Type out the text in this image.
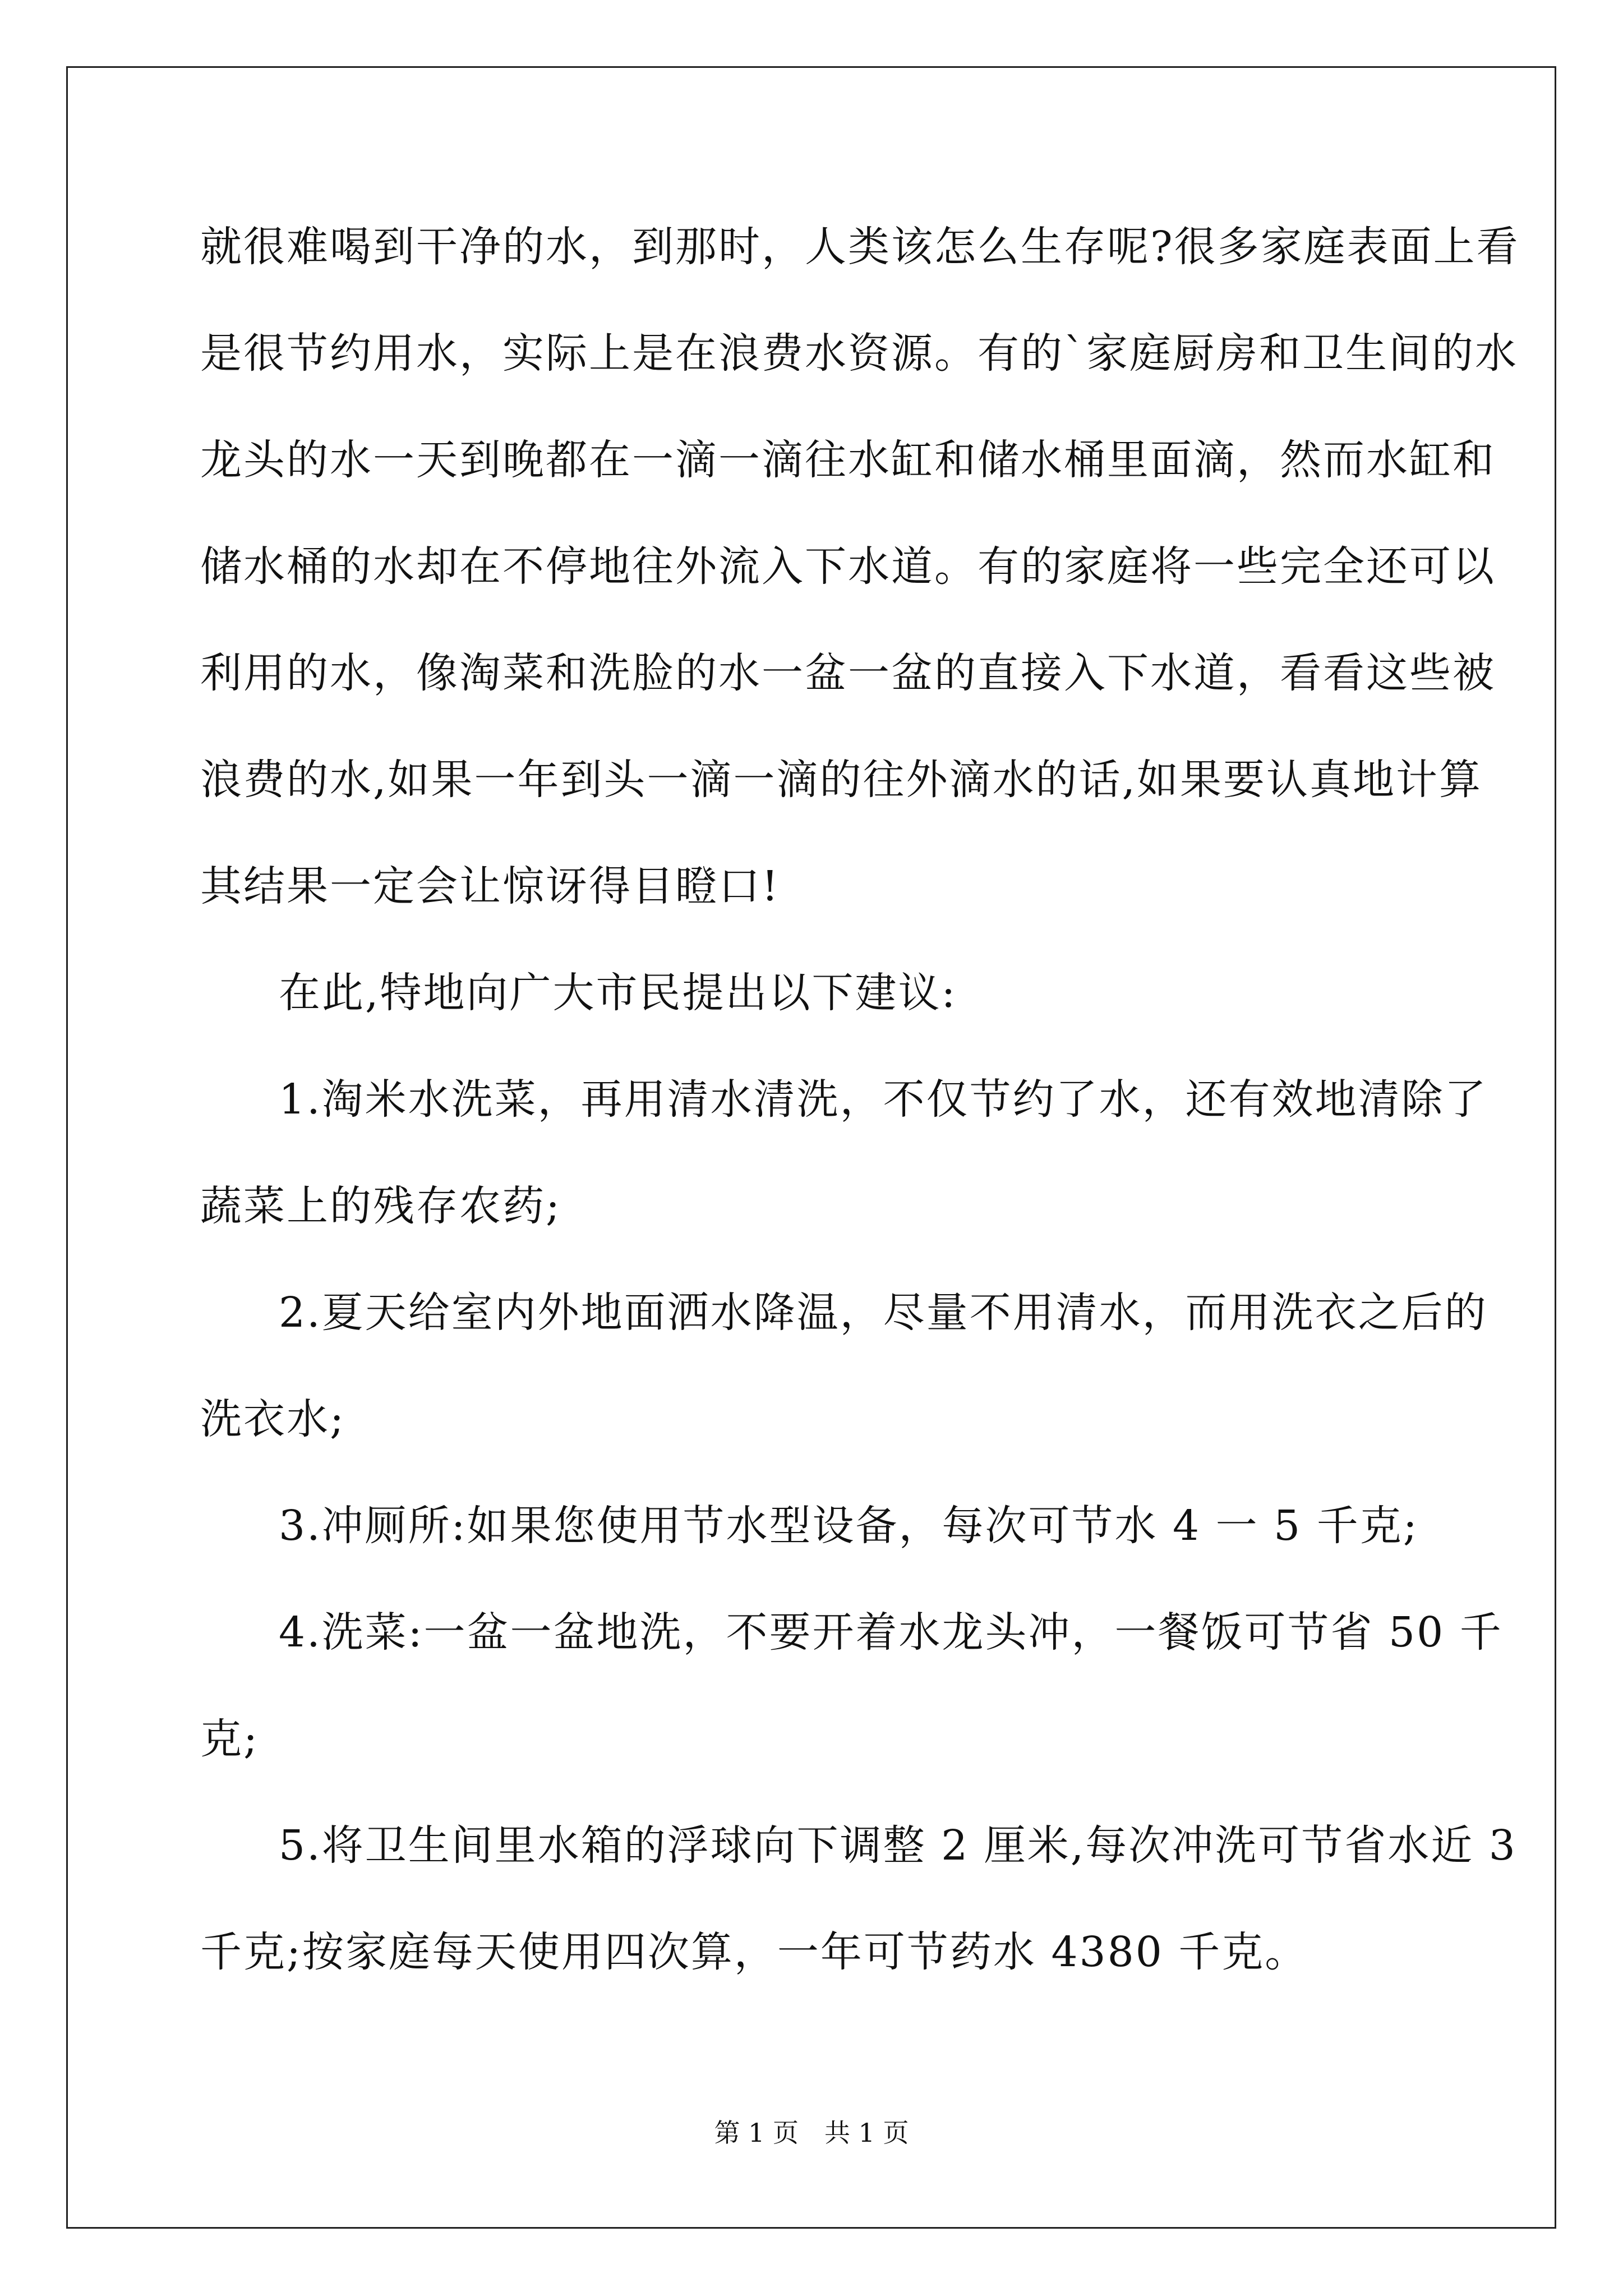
就很难喝到干净的水，到那时，人类该怎么生存呢?很多家庭表面上看
是很节约用水，实际上是在浪费水资源。有的`家庭厨房和卫生间的水
龙头的水一天到晚都在一滴一滴往水缸和储水桶里面滴，然而水缸和
储水桶的水却在不停地往外流入下水道。有的家庭将一些完全还可以
利用的水，像淘菜和洗脸的水一盆一盆的直接入下水道，看看这些被
浪费的水,如果一年到头一滴一滴的往外滴水的话,如果要认真地计算
其结果一定会让惊讶得目瞪口!
在此,特地向广大市民提出以下建议:
1.淘米水洗菜，再用清水清洗，不仅节约了水，还有效地清除了
蔬菜上的残存农药;
2.夏天给室内外地面洒水降温，尽量不用清水，而用洗衣之后的
洗衣水;
3.冲厕所:如果您使用节水型设备，每次可节水 4 一 5 千克;
4.洗菜:一盆一盆地洗，不要开着水龙头冲，一餐饭可节省 50 千
克;
5.将卫生间里水箱的浮球向下调整 2 厘米,每次冲洗可节省水近 3
千克;按家庭每天使用四次算，一年可节药水 4380 千克。
第 1 页 共 1 页
